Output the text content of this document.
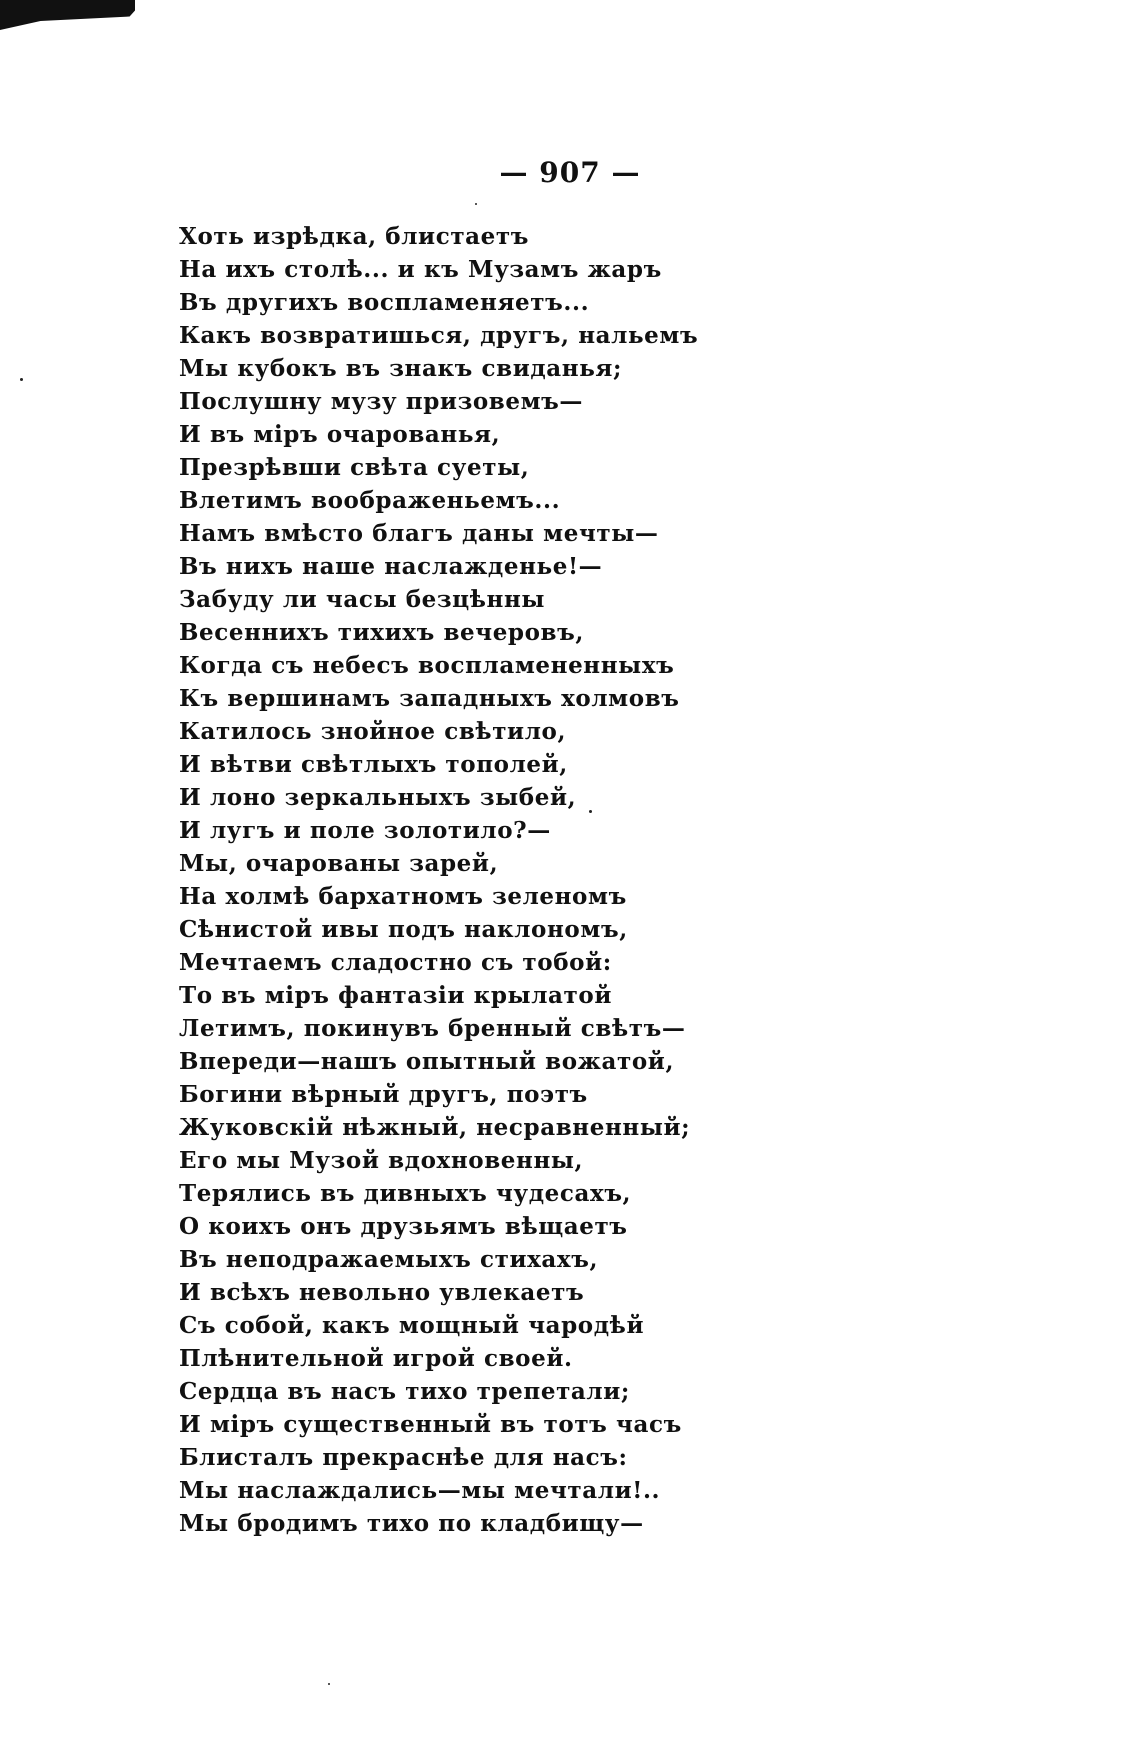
— 907 —
Хоть изрѣдка, блистаетъ
На ихъ столѣ... и къ Музамъ жаръ
Въ другихъ воспламеняетъ...
Какъ возвратишься, другъ, нальемъ
Мы кубокъ въ знакъ свиданья;
Послушну музу призовемъ—
И въ міръ очарованья,
Презрѣвши свѣта суеты,
Влетимъ воображеньемъ...
Намъ вмѣсто благъ даны мечты—
Въ нихъ наше наслажденье!—
Забуду ли часы безцѣнны
Весеннихъ тихихъ вечеровъ,
Когда съ небесъ воспламененныхъ
Къ вершинамъ западныхъ холмовъ
Катилось знойное свѣтило,
И вѣтви свѣтлыхъ тополей,
И лоно зеркальныхъ зыбей,
И лугъ и поле золотило?—
Мы, очарованы зарей,
На холмѣ бархатномъ зеленомъ
Сѣнистой ивы подъ наклономъ,
Мечтаемъ сладостно съ тобой:
То въ міръ фантазіи крылатой
Летимъ, покинувъ бренный свѣтъ—
Впереди—нашъ опытный вожатой,
Богини вѣрный другъ, поэтъ
Жуковскій нѣжный, несравненный;
Его мы Музой вдохновенны,
Терялись въ дивныхъ чудесахъ,
О коихъ онъ друзьямъ вѣщаетъ
Въ неподражаемыхъ стихахъ,
И всѣхъ невольно увлекаетъ
Съ собой, какъ мощный чародѣй
Плѣнительной игрой своей.
Сердца въ насъ тихо трепетали;
И міръ существенный въ тотъ часъ
Блисталъ прекраснѣе для насъ:
Мы наслаждались—мы мечтали!..
Мы бродимъ тихо по кладбищу—
